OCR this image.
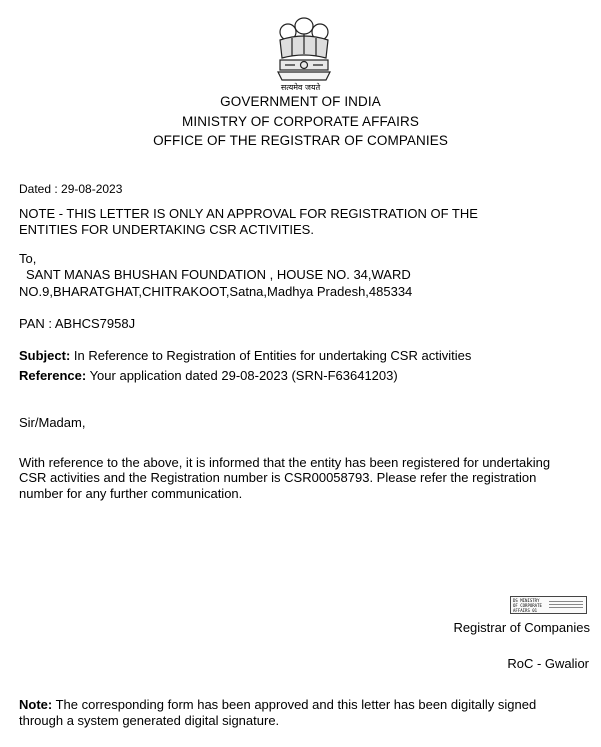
सत्यमेव जयते
GOVERNMENT OF INDIA
MINISTRY OF CORPORATE AFFAIRS
OFFICE OF THE REGISTRAR OF COMPANIES
Dated : 29-08-2023
NOTE - THIS LETTER IS ONLY AN APPROVAL FOR REGISTRATION OF THE
ENTITIES FOR UNDERTAKING CSR ACTIVITIES.
To,
SANT MANAS BHUSHAN FOUNDATION , HOUSE NO. 34,WARD
NO.9,BHARATGHAT,CHITRAKOOT,Satna,Madhya Pradesh,485334
PAN : ABHCS7958J
Subject: In Reference to Registration of Entities for undertaking CSR activities
Reference: Your application dated 29-08-2023 (SRN-F63641203)
Sir/Madam,
With reference to the above, it is informed that the entity has been registered for undertaking
CSR activities and the Registration number is CSR00058793. Please refer the registration
number for any further communication.
DS MINISTRY OF CORPORATE AFFAIRS 01
Registrar of Companies
RoC - Gwalior
Note: The corresponding form has been approved and this letter has been digitally signed
through a system generated digital signature.
